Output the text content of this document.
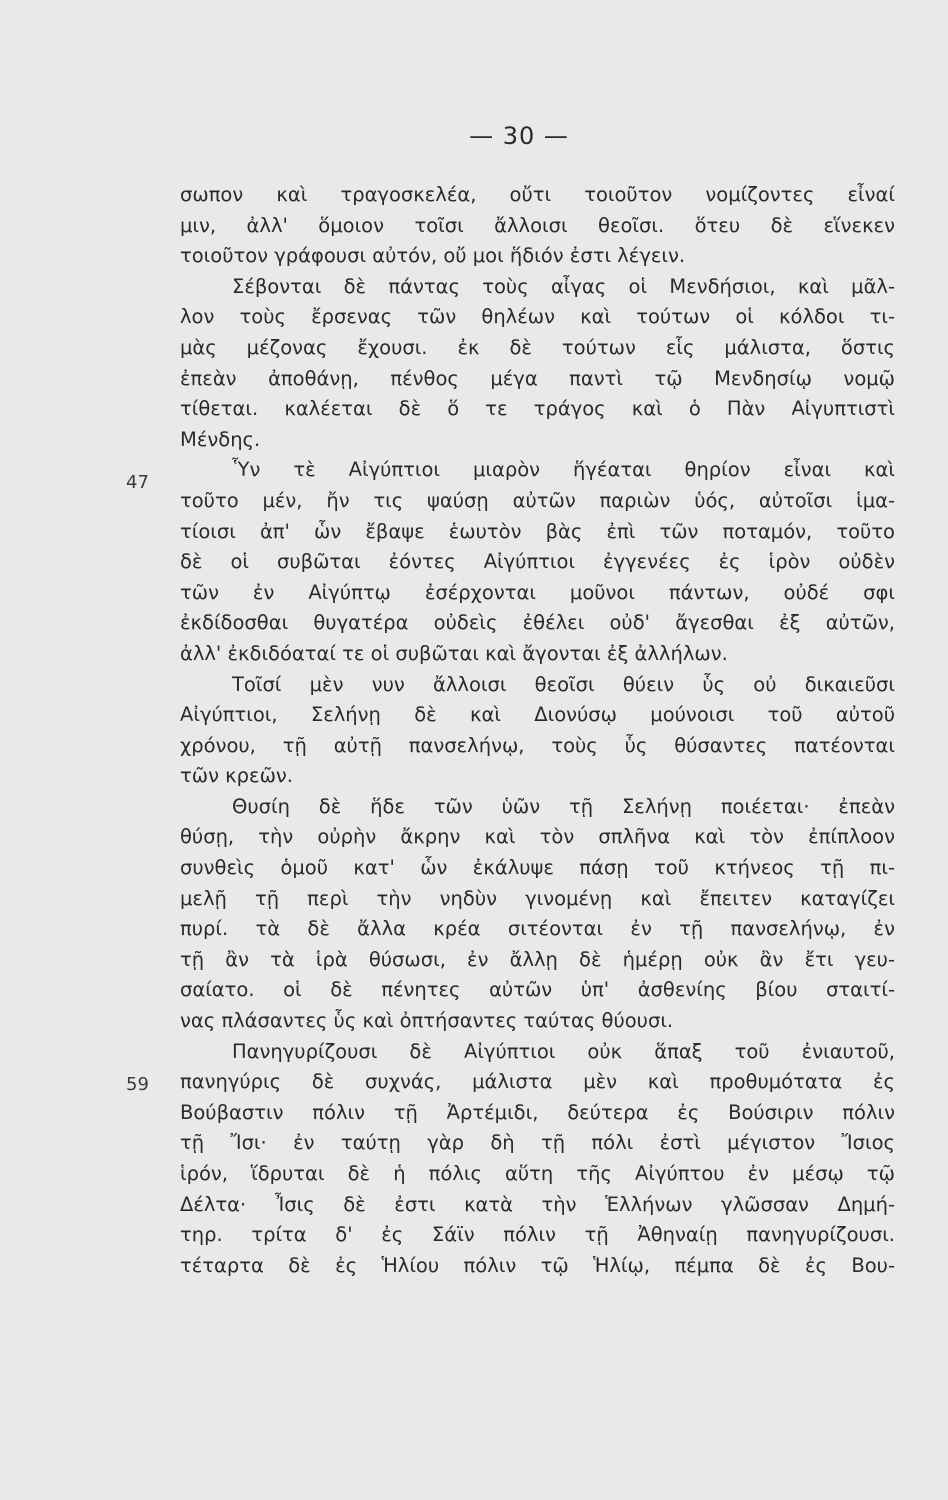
— 30 —
47
59
σωπον καὶ τραγοσκελέα, οὔτι τοιοῦτον νομίζοντες εἶναί
μιν, ἀλλ' ὅμοιον τοῖσι ἄλλοισι θεοῖσι. ὅτευ δὲ εἵνεκεν
τοιοῦτον γράφουσι αὐτόν, οὔ μοι ἥδιόν ἐστι λέγειν.
Σέβονται δὲ πάντας τοὺς αἶγας οἱ Μενδήσιοι, καὶ μᾶλ-
λον τοὺς ἔρσενας τῶν θηλέων καὶ τούτων οἱ κόλδοι τι-
μὰς μέζονας ἔχουσι. ἐκ δὲ τούτων εἷς μάλιστα, ὅστις
ἐπεὰν ἀποθάνῃ, πένθος μέγα παντὶ τῷ Μενδησίῳ νομῷ
τίθεται. καλέεται δὲ ὅ τε τράγος καὶ ὁ Πὰν Αἰγυπτιστὶ
Μένδης.
Ὗν τὲ Αἰγύπτιοι μιαρὸν ἥγέαται θηρίον εἶναι καὶ
τοῦτο μέν, ἤν τις ψαύσῃ αὐτῶν παριὼν ὑός, αὐτοῖσι ἱμα-
τίοισι ἀπ' ὧν ἔβαψε ἑωυτὸν βὰς ἐπὶ τῶν ποταμόν, τοῦτο
δὲ οἱ συβῶται ἐόντες Αἰγύπτιοι ἐγγενέες ἐς ἱρὸν οὐδὲν
τῶν ἐν Αἰγύπτῳ ἐσέρχονται μοῦνοι πάντων, οὐδέ σφι
ἐκδίδοσθαι θυγατέρα οὐδεὶς ἐθέλει οὐδ' ἄγεσθαι ἐξ αὐτῶν,
ἀλλ' ἐκδιδόαταί τε οἱ συβῶται καὶ ἄγονται ἐξ ἀλλήλων.
Τοῖσί μὲν νυν ἄλλοισι θεοῖσι θύειν ὗς οὐ δικαιεῦσι
Αἰγύπτιοι, Σελήνῃ δὲ καὶ Διονύσῳ μούνοισι τοῦ αὐτοῦ
χρόνου, τῇ αὐτῇ πανσελήνῳ, τοὺς ὗς θύσαντες πατέονται
τῶν κρεῶν.
Θυσίη δὲ ἥδε τῶν ὑῶν τῇ Σελήνῃ ποιέεται· ἐπεὰν
θύσῃ, τὴν οὐρὴν ἄκρην καὶ τὸν σπλῆνα καὶ τὸν ἐπίπλοον
συνθεὶς ὁμοῦ κατ' ὧν ἐκάλυψε πάσῃ τοῦ κτήνεος τῇ πι-
μελῇ τῇ περὶ τὴν νηδὺν γινομένῃ καὶ ἔπειτεν καταγίζει
πυρί. τὰ δὲ ἄλλα κρέα σιτέονται ἐν τῇ πανσελήνῳ, ἐν
τῇ ἂν τὰ ἱρὰ θύσωσι, ἐν ἄλλῃ δὲ ἡμέρῃ οὐκ ἂν ἔτι γευ-
σαίατο. οἱ δὲ πένητες αὐτῶν ὑπ' ἀσθενίης βίου σταιτί-
νας πλάσαντες ὗς καὶ ὀπτήσαντες ταύτας θύουσι.
Πανηγυρίζουσι δὲ Αἰγύπτιοι οὐκ ἅπαξ τοῦ ἐνιαυτοῦ,
πανηγύρις δὲ συχνάς, μάλιστα μὲν καὶ προθυμότατα ἐς
Βούβαστιν πόλιν τῇ Ἀρτέμιδι, δεύτερα ἐς Βούσιριν πόλιν
τῇ Ἴσι· ἐν ταύτῃ γὰρ δὴ τῇ πόλι ἐστὶ μέγιστον Ἴσιος
ἱρόν, ἵδρυται δὲ ἡ πόλις αὕτη τῆς Αἰγύπτου ἐν μέσῳ τῷ
Δέλτα· Ἶσις δὲ ἐστι κατὰ τὴν Ἑλλήνων γλῶσσαν Δημή-
τηρ. τρίτα δ' ἐς Σάϊν πόλιν τῇ Ἀθηναίῃ πανηγυρίζουσι.
τέταρτα δὲ ἐς Ἡλίου πόλιν τῷ Ἡλίῳ, πέμπα δὲ ἐς Βου-
